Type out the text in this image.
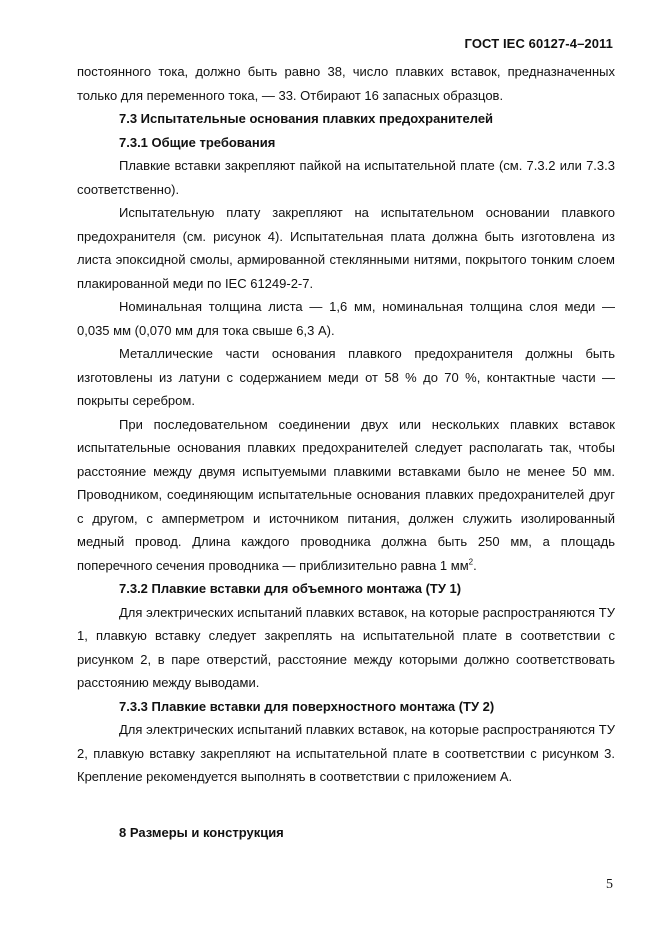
ГОСТ IEC 60127-4–2011

постоянного тока, должно быть равно 38, число плавких вставок, предназначенных только для переменного тока, — 33. Отбирают 16 запасных образцов.

7.3 Испытательные основания плавких предохранителей

7.3.1 Общие требования

Плавкие вставки закрепляют пайкой на испытательной плате (см. 7.3.2 или 7.3.3 соответственно).

Испытательную плату закрепляют на испытательном основании плавкого предохранителя (см. рисунок 4). Испытательная плата должна быть изготовлена из листа эпоксидной смолы, армированной стеклянными нитями, покрытого тонким слоем плакированной меди по IEC 61249-2-7.

Номинальная толщина листа — 1,6 мм, номинальная толщина слоя меди — 0,035 мм (0,070 мм для тока свыше 6,3 А).

Металлические части основания плавкого предохранителя должны быть изготовлены из латуни с содержанием меди от 58 % до 70 %, контактные части — покрыты серебром.

При последовательном соединении двух или нескольких плавких вставок испытательные основания плавких предохранителей следует располагать так, чтобы расстояние между двумя испытуемыми плавкими вставками было не менее 50 мм. Проводником, соединяющим испытательные основания плавких предохранителей друг с другом, с амперметром и источником питания, должен служить изолированный медный провод. Длина каждого проводника должна быть 250 мм, а площадь поперечного сечения проводника — приблизительно равна 1 $мм^2$.

7.3.2 Плавкие вставки для объемного монтажа (ТУ 1)

Для электрических испытаний плавких вставок, на которые распространяются ТУ 1, плавкую вставку следует закреплять на испытательной плате в соответствии с рисунком 2, в паре отверстий, расстояние между которыми должно соответствовать расстоянию между выводами.

7.3.3 Плавкие вставки для поверхностного монтажа (ТУ 2)

Для электрических испытаний плавких вставок, на которые распространяются ТУ 2, плавкую вставку закрепляют на испытательной плате в соответствии с рисунком 3. Крепление рекомендуется выполнять в соответствии с приложением А.

8 Размеры и конструкция

5
